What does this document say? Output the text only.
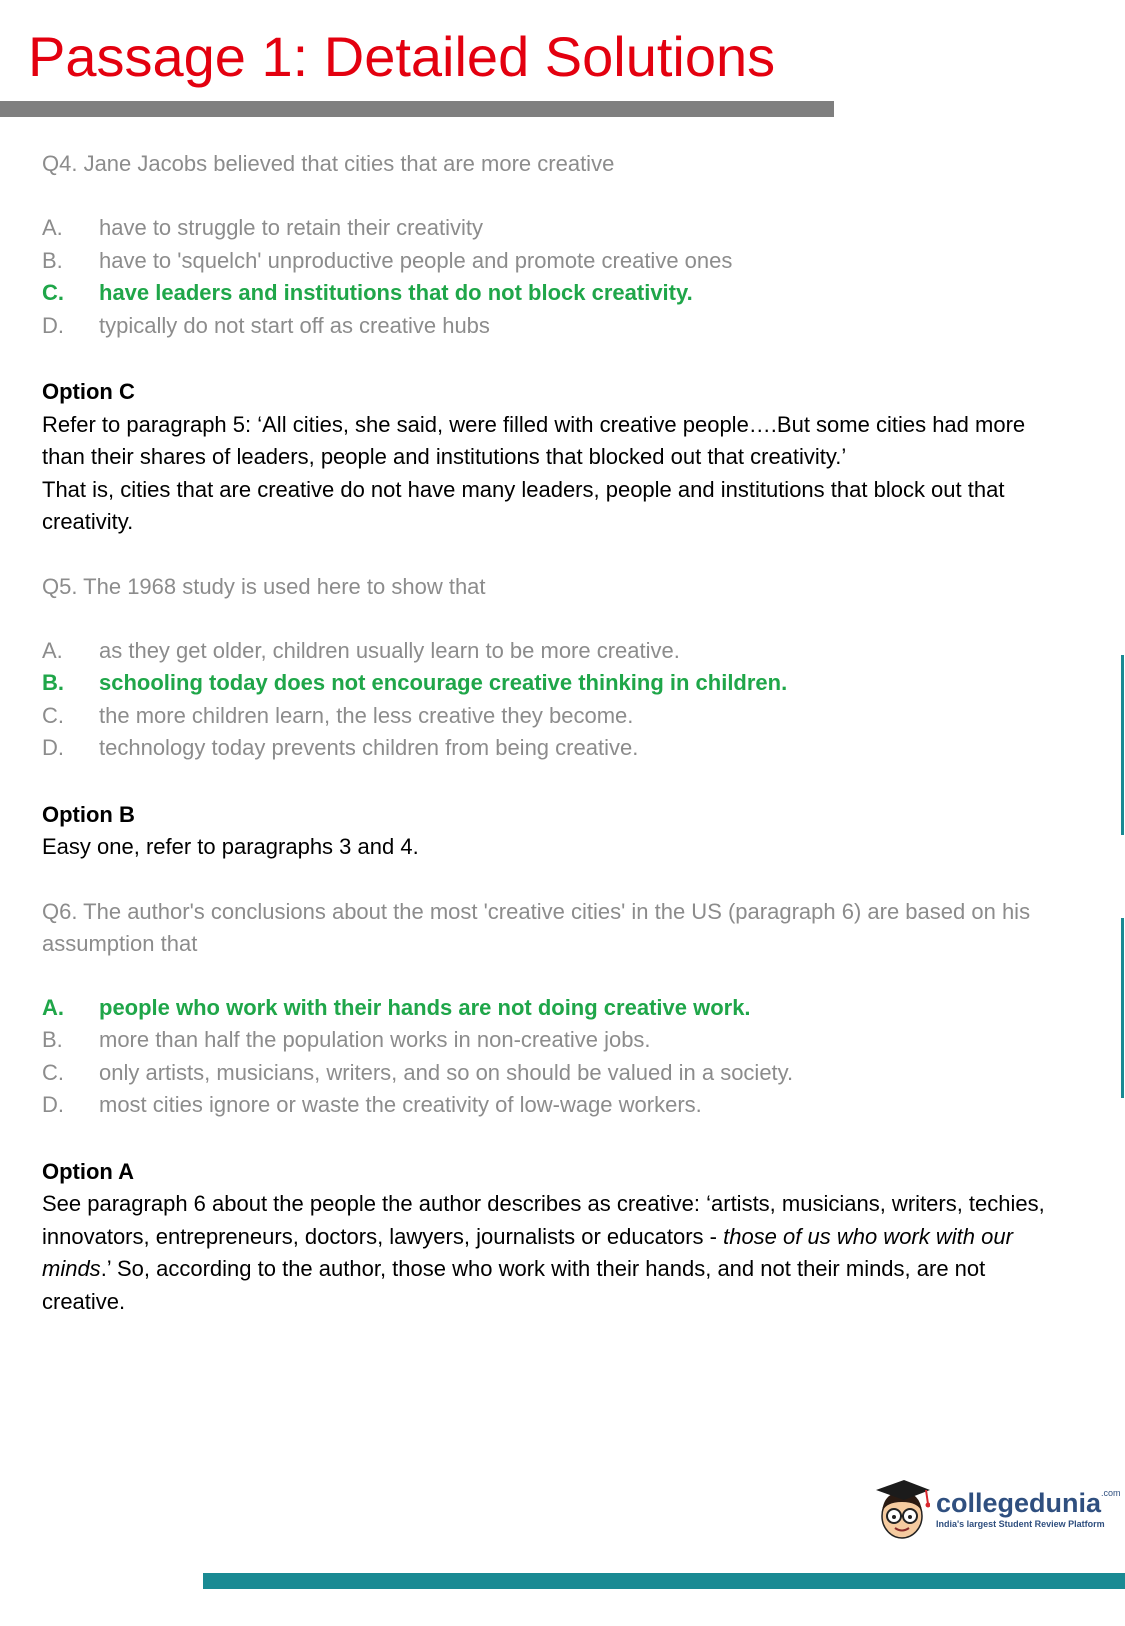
Passage 1: Detailed Solutions

Q4. Jane Jacobs believed that cities that are more creative

A.	have to struggle to retain their creativity
B.	have to 'squelch' unproductive people and promote creative ones
C.	have leaders and institutions that do not block creativity.
D.	typically do not start off as creative hubs

Option C

Refer to paragraph 5: ‘All cities, she said, were filled with creative people….But some cities had more than their shares of leaders, people and institutions that blocked out that creativity.’

That is, cities that are creative do not have many leaders, people and institutions that block out that creativity.

Q5. The 1968 study is used here to show that

A.	as they get older, children usually learn to be more creative.
B.	schooling today does not encourage creative thinking in children.
C.	the more children learn, the less creative they become.
D.	technology today prevents children from being creative.

Option B

Easy one, refer to paragraphs 3 and 4.

Q6. The author's conclusions about the most 'creative cities' in the US (paragraph 6) are based on his assumption that

A.	people who work with their hands are not doing creative work.
B.	more than half the population works in non-creative jobs.
C.	only artists, musicians, writers, and so on should be valued in a society.
D.	most cities ignore or waste the creativity of low-wage workers.

Option A

See paragraph 6 about the people the author describes as creative: ‘artists, musicians, writers, techies, innovators, entrepreneurs, doctors, lawyers, journalists or educators - those of us who work with our minds.’ So, according to the author, those who work with their hands, and not their minds, are not creative.

collegedunia$^{.com}$
India's largest Student Review Platform
